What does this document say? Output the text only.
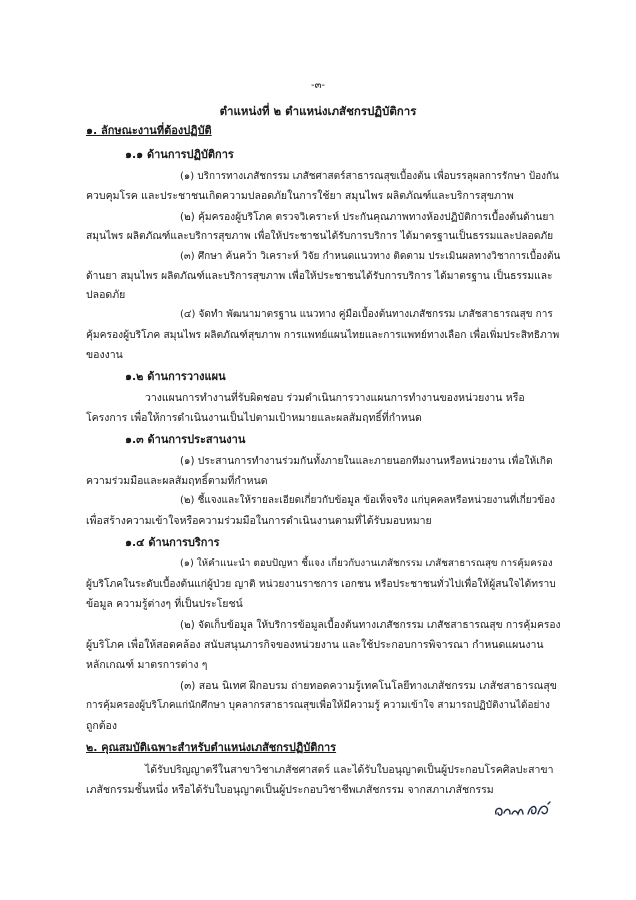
-๓-
ตำแหน่งที่ ๒ ตำแหน่งเภสัชกรปฏิบัติการ
๑. ลักษณะงานที่ต้องปฏิบัติ
๑.๑ ด้านการปฏิบัติการ
(๑) บริการทางเภสัชกรรม เภสัชศาสตร์สาธารณสุขเบื้องต้น เพื่อบรรลุผลการรักษา ป้องกัน
ควบคุมโรค และประชาชนเกิดความปลอดภัยในการใช้ยา สมุนไพร ผลิตภัณฑ์และบริการสุขภาพ
(๒) คุ้มครองผู้บริโภค ตรวจวิเคราะห์ ประกันคุณภาพทางห้องปฏิบัติการเบื้องต้นด้านยา
สมุนไพร ผลิตภัณฑ์และบริการสุขภาพ เพื่อให้ประชาชนได้รับการบริการ ได้มาตรฐานเป็นธรรมและปลอดภัย
(๓) ศึกษา ค้นคว้า วิเคราะห์ วิจัย กำหนดแนวทาง ติดตาม ประเมินผลทางวิชาการเบื้องต้น
ด้านยา สมุนไพร ผลิตภัณฑ์และบริการสุขภาพ เพื่อให้ประชาชนได้รับการบริการ ได้มาตรฐาน เป็นธรรมและ
ปลอดภัย
(๔) จัดทำ พัฒนามาตรฐาน แนวทาง คู่มือเบื้องต้นทางเภสัชกรรม เภสัชสาธารณสุข การ
คุ้มครองผู้บริโภค สมุนไพร ผลิตภัณฑ์สุขภาพ การแพทย์แผนไทยและการแพทย์ทางเลือก เพื่อเพิ่มประสิทธิภาพ
ของงาน
๑.๒ ด้านการวางแผน
วางแผนการทำงานที่รับผิดชอบ ร่วมดำเนินการวางแผนการทำงานของหน่วยงาน หรือ
โครงการ เพื่อให้การดำเนินงานเป็นไปตามเป้าหมายและผลสัมฤทธิ์ที่กำหนด
๑.๓ ด้านการประสานงาน
(๑) ประสานการทำงานร่วมกันทั้งภายในและภายนอกทีมงานหรือหน่วยงาน เพื่อให้เกิด
ความร่วมมือและผลสัมฤทธิ์ตามที่กำหนด
(๒) ชี้แจงและให้รายละเอียดเกี่ยวกับข้อมูล ข้อเท็จจริง แก่บุคคลหรือหน่วยงานที่เกี่ยวข้อง
เพื่อสร้างความเข้าใจหรือความร่วมมือในการดำเนินงานตามที่ได้รับมอบหมาย
๑.๔ ด้านการบริการ
(๑) ให้คำแนะนำ ตอบปัญหา ชี้แจง เกี่ยวกับงานเภสัชกรรม เภสัชสาธารณสุข การคุ้มครอง
ผู้บริโภคในระดับเบื้องต้นแก่ผู้ป่วย ญาติ หน่วยงานราชการ เอกชน หรือประชาชนทั่วไปเพื่อให้ผู้สนใจได้ทราบ
ข้อมูล ความรู้ต่างๆ ที่เป็นประโยชน์
(๒) จัดเก็บข้อมูล ให้บริการข้อมูลเบื้องต้นทางเภสัชกรรม เภสัชสาธารณสุข การคุ้มครอง
ผู้บริโภค เพื่อให้สอดคล้อง สนับสนุนภารกิจของหน่วยงาน และใช้ประกอบการพิจารณา กำหนดแผนงาน
หลักเกณฑ์ มาตรการต่าง ๆ
(๓) สอน นิเทศ ฝึกอบรม ถ่ายทอดความรู้เทคโนโลยีทางเภสัชกรรม เภสัชสาธารณสุข
การคุ้มครองผู้บริโภคแก่นักศึกษา บุคลากรสาธารณสุขเพื่อให้มีความรู้ ความเข้าใจ สามารถปฏิบัติงานได้อย่าง
ถูกต้อง
๒. คุณสมบัติเฉพาะสำหรับตำแหน่งเภสัชกรปฏิบัติการ
ได้รับปริญญาตรีในสาขาวิชาเภสัชศาสตร์ และได้รับใบอนุญาตเป็นผู้ประกอบโรคศิลปะสาขา
เภสัชกรรมชั้นหนึ่ง หรือได้รับใบอนุญาตเป็นผู้ประกอบวิชาชีพเภสัชกรรม จากสภาเภสัชกรรม
